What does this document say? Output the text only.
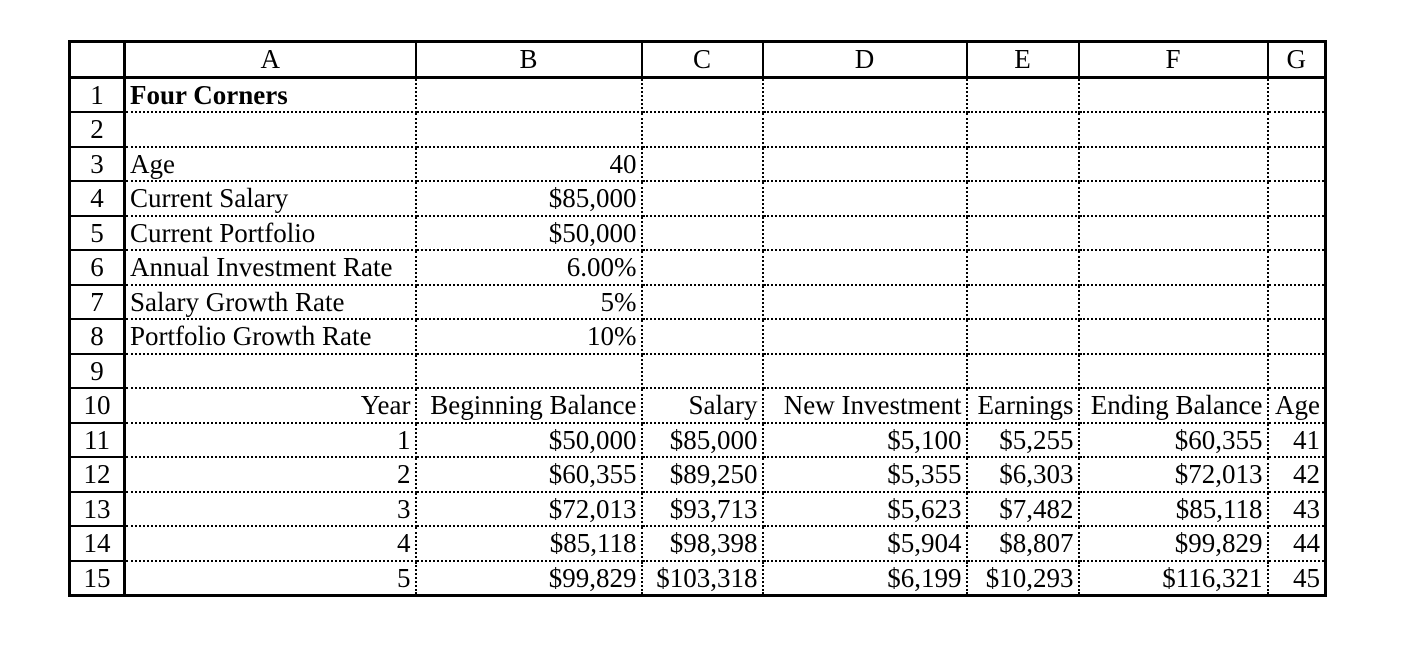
	A	B	C	D	E	F	G
1	Four Corners						
2							
3	Age	40					
4	Current Salary	$85,000					
5	Current Portfolio	$50,000					
6	Annual Investment Rate	6.00%					
7	Salary Growth Rate	5%					
8	Portfolio Growth Rate	10%					
9							
10	Year	Beginning Balance	Salary	New Investment	Earnings	Ending Balance	Age
11	1	$50,000	$85,000	$5,100	$5,255	$60,355	41
12	2	$60,355	$89,250	$5,355	$6,303	$72,013	42
13	3	$72,013	$93,713	$5,623	$7,482	$85,118	43
14	4	$85,118	$98,398	$5,904	$8,807	$99,829	44
15	5	$99,829	$103,318	$6,199	$10,293	$116,321	45
